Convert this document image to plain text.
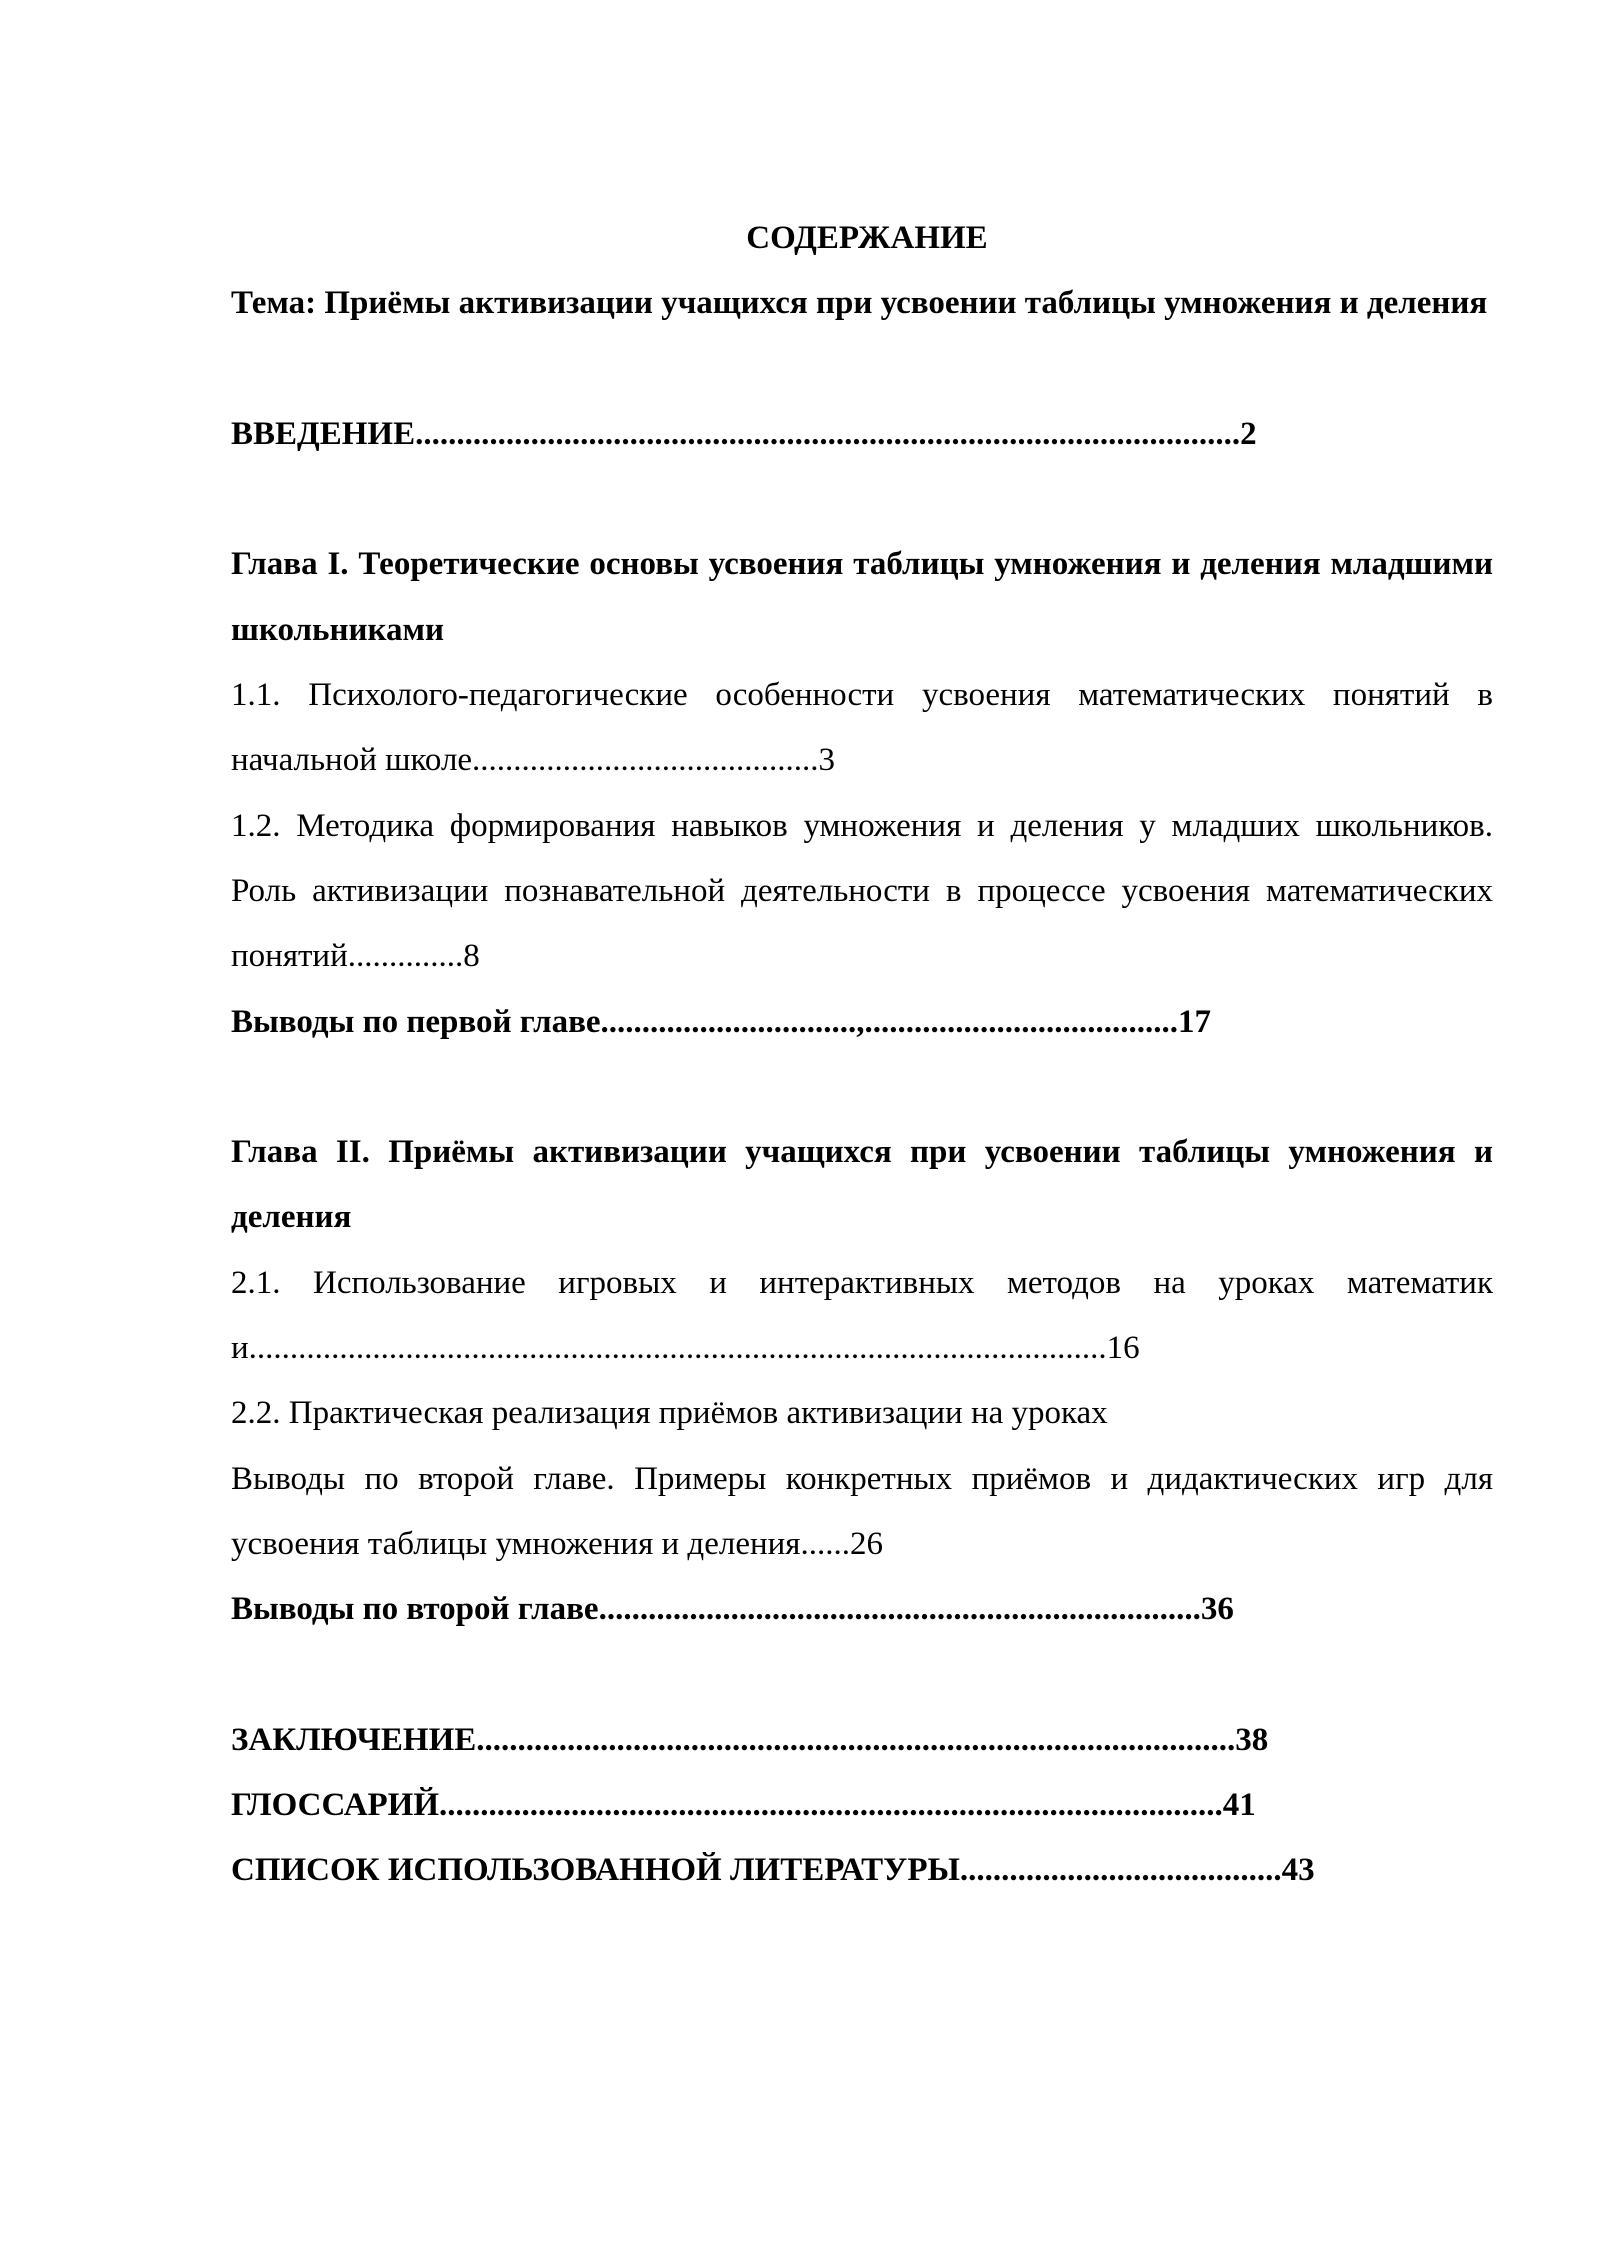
СОДЕРЖАНИЕ

Тема: Приёмы активизации учащихся при усвоении таблицы умножения и деления

ВВЕДЕНИЕ....................................................................................................2

Глава I. Теоретические основы усвоения таблицы умножения и деления младшими школьниками

1.1. Психолого-педагогические особенности усвоения математических понятий в начальной школе..........................................3

1.2. Методика формирования навыков умножения и деления у младших школьников. Роль активизации познавательной деятельности в процессе усвоения математических понятий..............8

Выводы по первой главе...............................,......................................17

Глава II. Приёмы активизации учащихся при усвоении таблицы умножения и деления

2.1. Использование игровых и интерактивных методов на уроках математики........................................................................................................16

2.2. Практическая реализация приёмов активизации на уроках

Выводы по второй главе. Примеры конкретных приёмов и дидактических игр для усвоения таблицы умножения и деления......26

Выводы по второй главе.........................................................................36

ЗАКЛЮЧЕНИЕ............................................................................................38

ГЛОССАРИЙ...............................................................................................41

СПИСОК ИСПОЛЬЗОВАННОЙ ЛИТЕРАТУРЫ.......................................43
